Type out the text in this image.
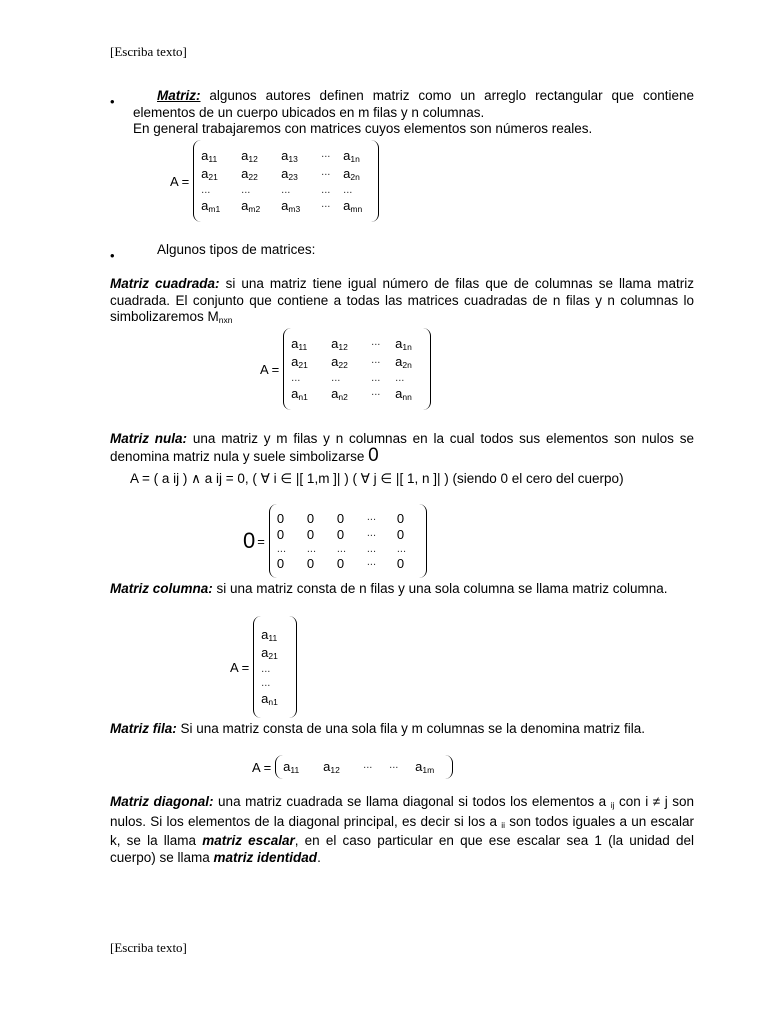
[Escriba texto]
•	Matriz: algunos autores definen matriz como un arreglo rectangular que contiene elementos de un cuerpo ubicados en m filas y n columnas.
En general trabajaremos con matrices cuyos elementos son números reales.
A =
$a_{11}$	$a_{12}$	$a_{13}$	... $a_{1n}$
$a_{21}$	$a_{22}$	$a_{23}$	... $a_{2n}$
...	...	...	...	...
$a_{m1}$	$a_{m2}$	$a_{m3}$	... $a_{mn}$
•	Algunos tipos de matrices:
Matriz cuadrada: si una matriz tiene igual número de filas que de columnas se llama matriz cuadrada. El conjunto que contiene a todas las matrices cuadradas de n filas y n columnas lo simbolizaremos $M_{nxn}$
A =
$a_{11}$	$a_{12}$	...	$a_{1n}$
$a_{21}$	$a_{22}$	...	$a_{2n}$
...	...	...	...
$a_{n1}$	$a_{n2}$	...	$a_{nn}$
Matriz nula: una matriz y m filas y n columnas en la cual todos sus elementos son nulos se denomina matriz nula y suele simbolizarse 0
A = ( a ij ) ∧ a ij = 0, ( ∀ i ∈ |[ 1,m ]| ) ( ∀ j ∈ |[ 1, n ]| ) (siendo 0 el cero del cuerpo)
0 =
0	0	0	...	0
0	0	0	...	0
...	...	...	...	...
0	0	0	...	0
Matriz columna: si una matriz consta de n filas y una sola columna se llama matriz columna.
A =
$a_{11}$
$a_{21}$
...
...
$a_{n1}$
Matriz fila: Si una matriz consta de una sola fila y m columnas se la denomina matriz fila.
$A = a_{11}$	$a_{12}$	...	...	$a_{1m}$
Matriz diagonal: una matriz cuadrada se llama diagonal si todos los elementos a $_{ij}$ con i ≠ j son nulos. Si los elementos de la diagonal principal, es decir si los a $_{ii}$ son todos iguales a un escalar k, se la llama matriz escalar, en el caso particular en que ese escalar sea 1 (la unidad del cuerpo) se llama matriz identidad.
[Escriba texto]
